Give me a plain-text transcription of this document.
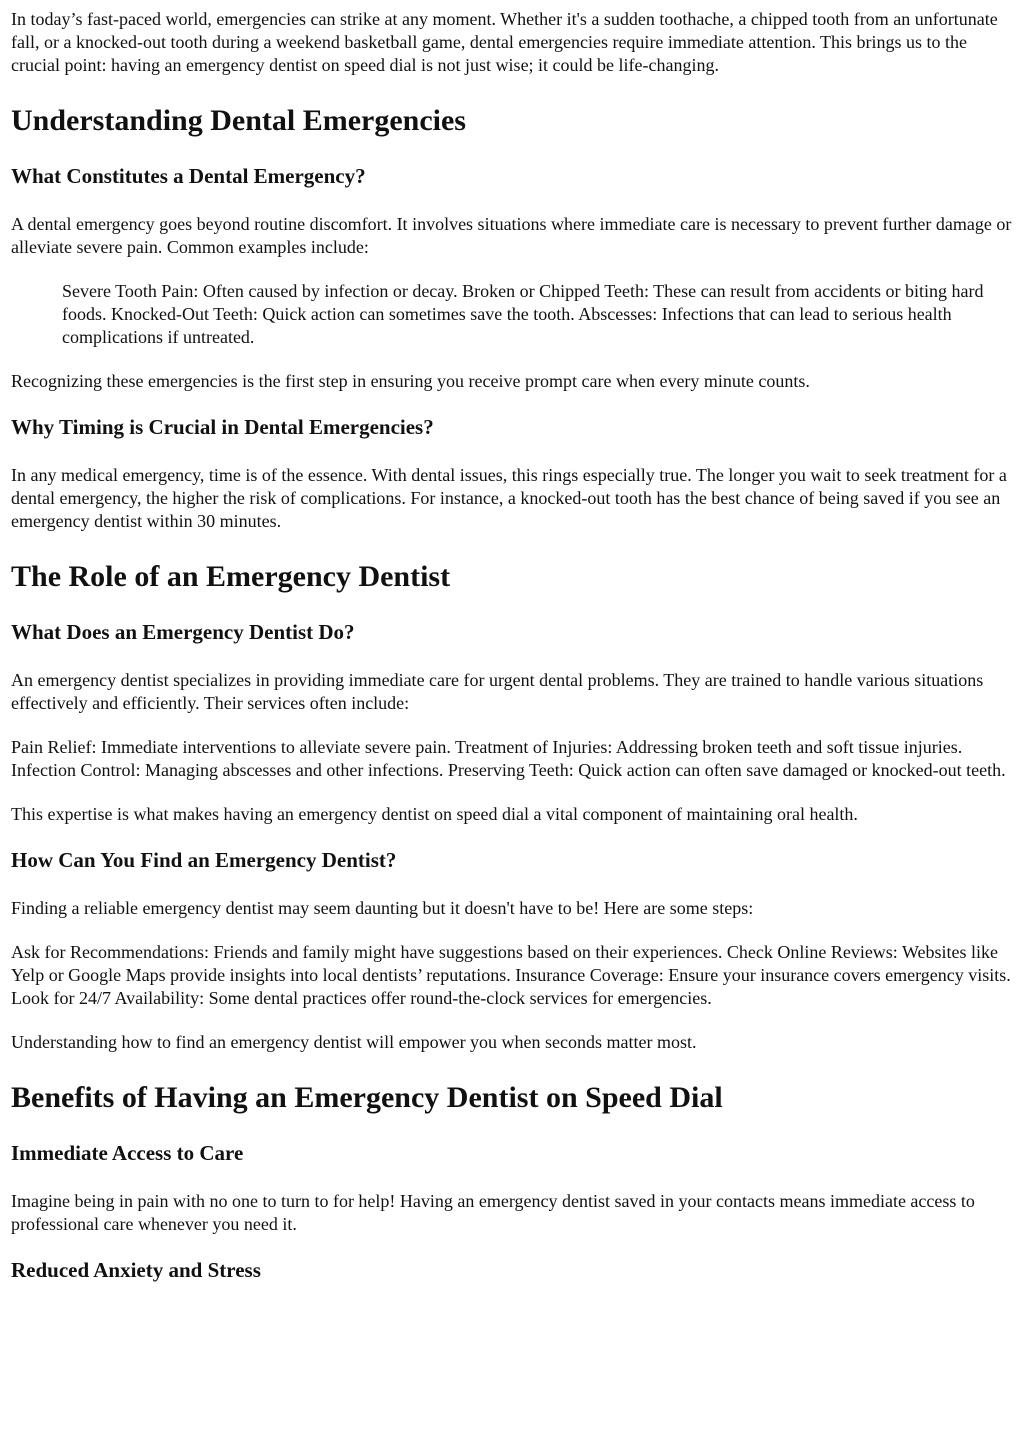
In today’s fast-paced world, emergencies can strike at any moment. Whether it's a sudden toothache, a chipped tooth from an unfortunate fall, or a knocked-out tooth during a weekend basketball game, dental emergencies require immediate attention. This brings us to the crucial point: having an emergency dentist on speed dial is not just wise; it could be life-changing.

Understanding Dental Emergencies
What Constitutes a Dental Emergency?

A dental emergency goes beyond routine discomfort. It involves situations where immediate care is necessary to prevent further damage or alleviate severe pain. Common examples include:

Severe Tooth Pain: Often caused by infection or decay. Broken or Chipped Teeth: These can result from accidents or biting hard foods. Knocked-Out Teeth: Quick action can sometimes save the tooth. Abscesses: Infections that can lead to serious health complications if untreated.

Recognizing these emergencies is the first step in ensuring you receive prompt care when every minute counts.

Why Timing is Crucial in Dental Emergencies?

In any medical emergency, time is of the essence. With dental issues, this rings especially true. The longer you wait to seek treatment for a dental emergency, the higher the risk of complications. For instance, a knocked-out tooth has the best chance of being saved if you see an emergency dentist within 30 minutes.

The Role of an Emergency Dentist
What Does an Emergency Dentist Do?

An emergency dentist specializes in providing immediate care for urgent dental problems. They are trained to handle various situations effectively and efficiently. Their services often include:

Pain Relief: Immediate interventions to alleviate severe pain. Treatment of Injuries: Addressing broken teeth and soft tissue injuries. Infection Control: Managing abscesses and other infections. Preserving Teeth: Quick action can often save damaged or knocked-out teeth.

This expertise is what makes having an emergency dentist on speed dial a vital component of maintaining oral health.

How Can You Find an Emergency Dentist?

Finding a reliable emergency dentist may seem daunting but it doesn't have to be! Here are some steps:

Ask for Recommendations: Friends and family might have suggestions based on their experiences. Check Online Reviews: Websites like Yelp or Google Maps provide insights into local dentists’ reputations. Insurance Coverage: Ensure your insurance covers emergency visits. Look for 24/7 Availability: Some dental practices offer round-the-clock services for emergencies.

Understanding how to find an emergency dentist will empower you when seconds matter most.

Benefits of Having an Emergency Dentist on Speed Dial
Immediate Access to Care

Imagine being in pain with no one to turn to for help! Having an emergency dentist saved in your contacts means immediate access to professional care whenever you need it.

Reduced Anxiety and Stress
